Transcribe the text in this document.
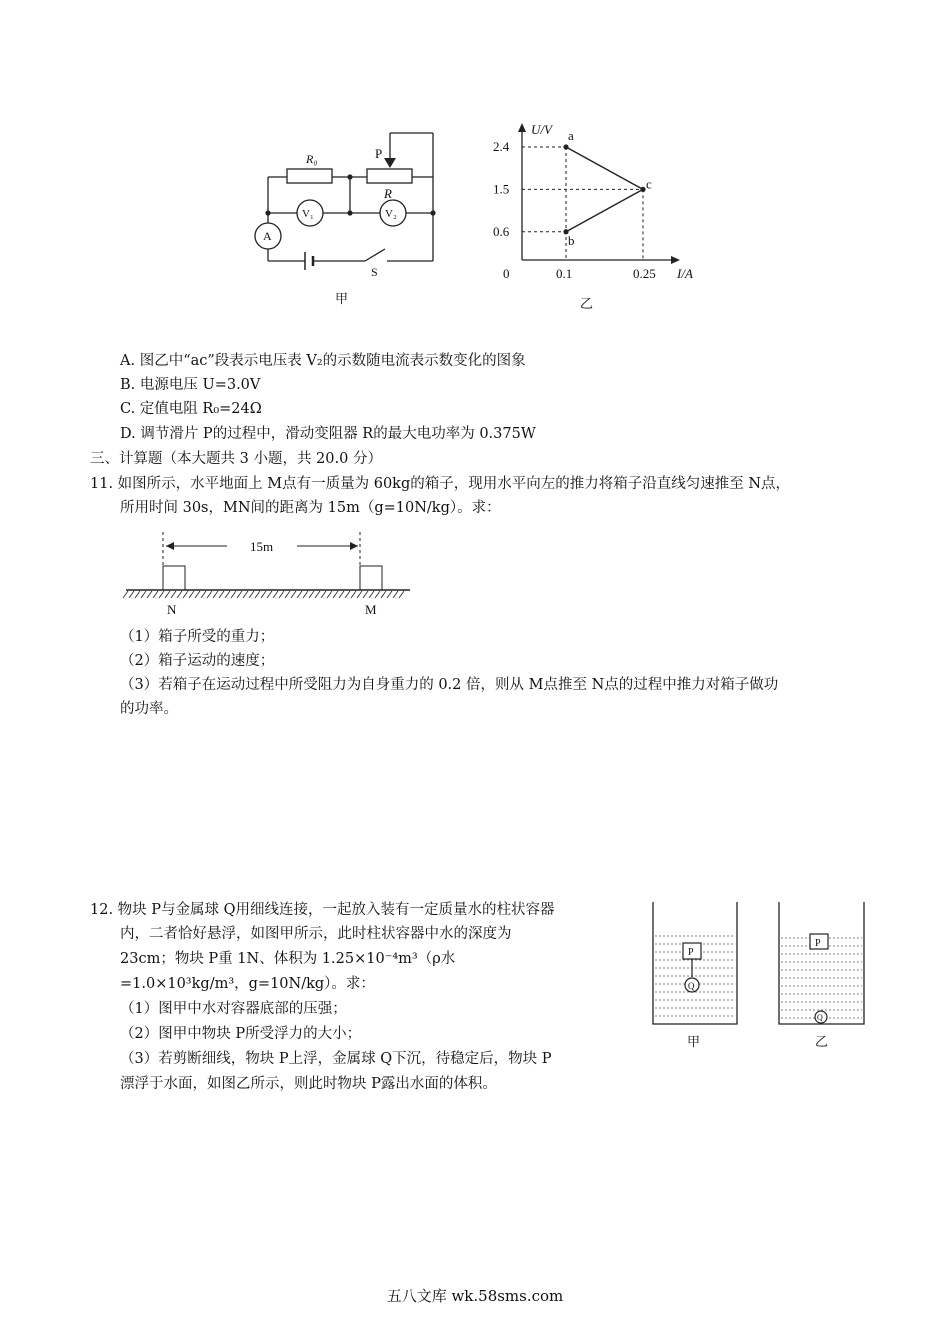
R₀	P
R
V₁	V₂
A
S
甲
a
c
b
2.4
1.5
0.6
0.1	0.25
U/V
I/A
0
乙
A. 图乙中“ac”段表示电压表 V₂的示数随电流表示数变化的图象
B. 电源电压 U=3.0V
C. 定值电阻 R₀=24Ω
D. 调节滑片 P的过程中，滑动变阻器 R的最大电功率为 0.375W
三、计算题（本大题共 3 小题，共 20.0 分）
11. 如图所示，水平地面上 M点有一质量为 60kg的箱子，现用水平向左的推力将箱子沿直线匀速推至 N点，
所用时间 30s，MN间的距离为 15m（g=10N/kg）。求：
15m
N	M
（1）箱子所受的重力；
（2）箱子运动的速度；
（3）若箱子在运动过程中所受阻力为自身重力的 0.2 倍，则从 M点推至 N点的过程中推力对箱子做功
的功率。
12. 物块 P与金属球 Q用细线连接，一起放入装有一定质量水的柱状容器
内，二者恰好悬浮，如图甲所示，此时柱状容器中水的深度为
23cm；物块 P重 1N、体积为 1.25×10⁻⁴m³（ρ水
=1.0×10³kg/m³，g=10N/kg）。求：
（1）图甲中水对容器底部的压强；
（2）图甲中物块 P所受浮力的大小；
（3）若剪断细线，物块 P上浮，金属球 Q下沉，待稳定后，物块 P
漂浮于水面，如图乙所示，则此时物块 P露出水面的体积。
P
Q
P
Q
甲	乙
五八文库 wk.58sms.com
